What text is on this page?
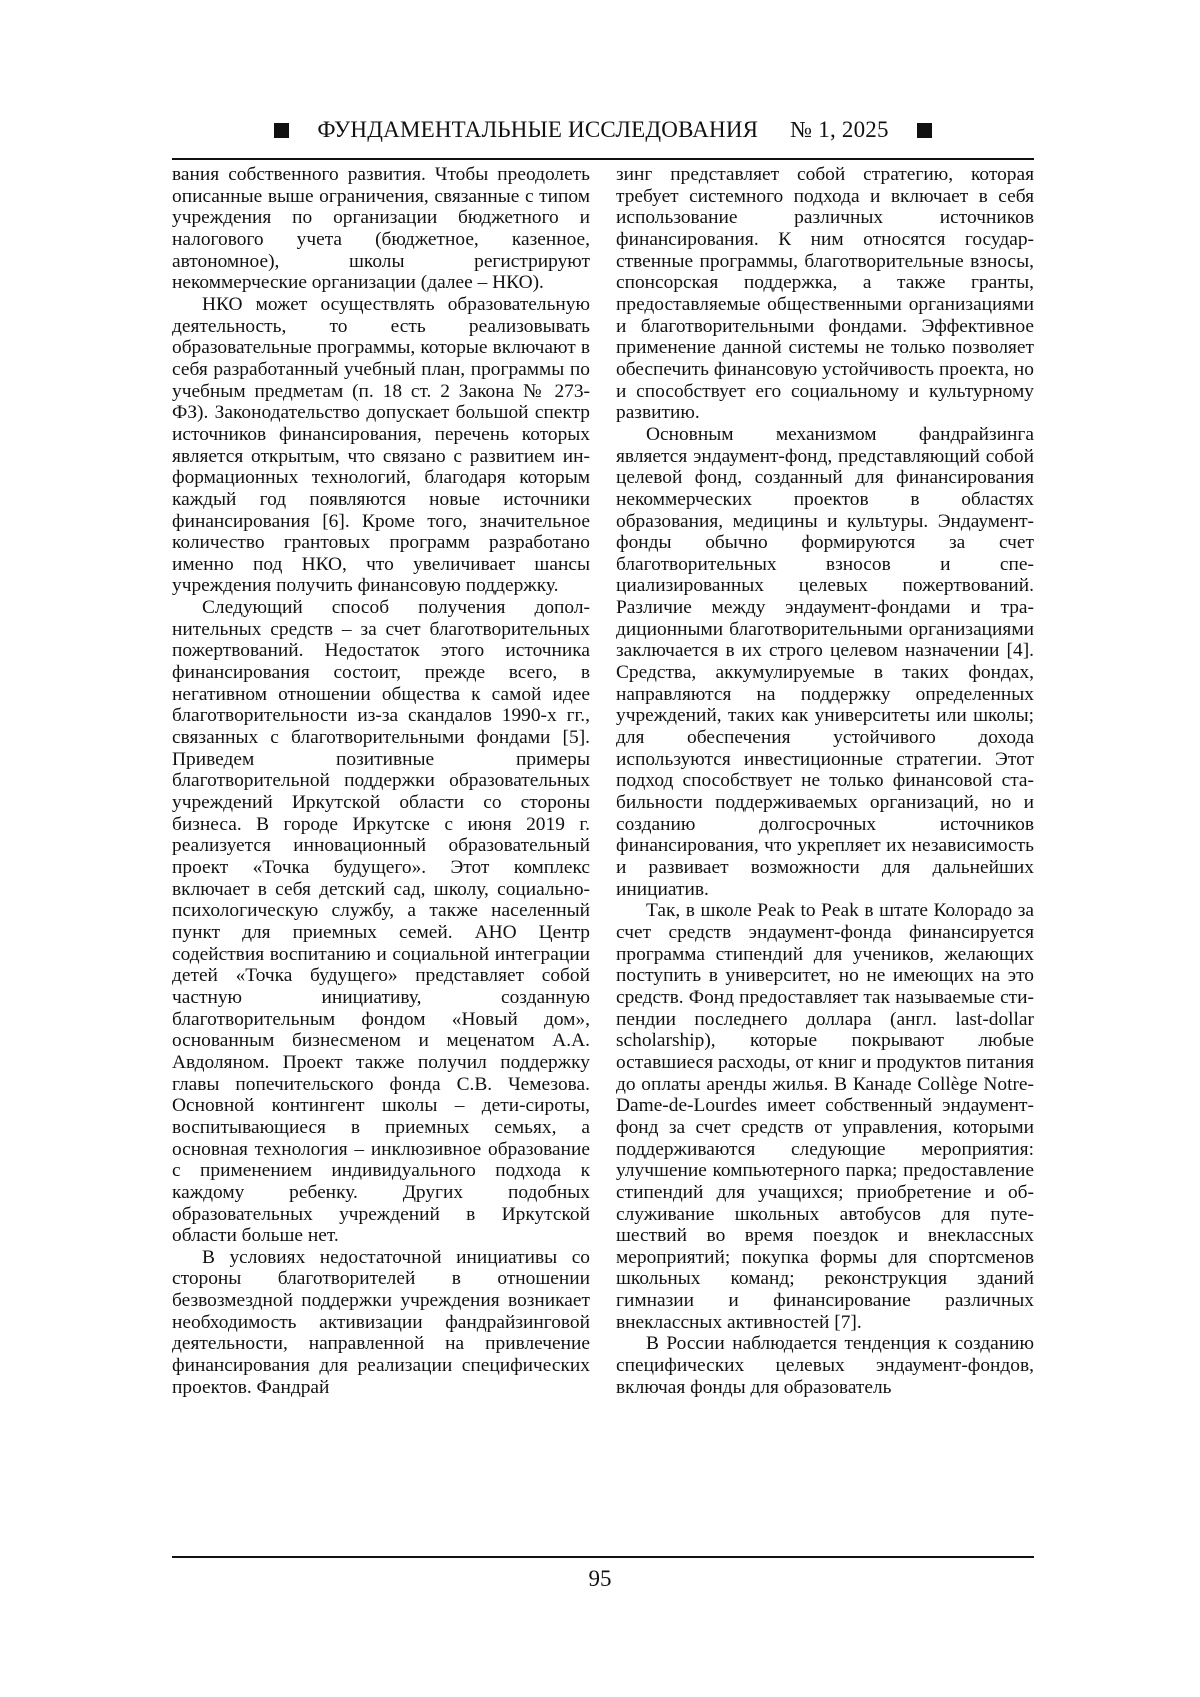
ФУНДАМЕНТАЛЬНЫЕ ИССЛЕДОВАНИЯ № 1, 2025

вания собственного развития. Чтобы преодолеть описанные выше ограничения, связанные с типом учреждения по организации бюджетного и налогового учета (бюджетное, казенное, автономное), школы регистрируют некоммерческие организации (далее – НКО).

НКО может осуществлять образовательную деятельность, то есть реализовывать образовательные программы, которые включают в себя разработанный учебный план, программы по учебным предметам (п. 18 ст. 2 Закона № 273-ФЗ). Законодательство допускает большой спектр источников финансирования, перечень которых является открытым, что связано с развитием информационных технологий, благодаря которым каждый год появляются новые источники финансирования [6]. Кроме того, значительное количество грантовых программ разработано именно под НКО, что увеличивает шансы учреждения получить финансовую поддержку.

Следующий способ получения дополнительных средств – за счет благотворительных пожертвований. Недостаток этого источника финансирования состоит, прежде всего, в негативном отношении общества к самой идее благотворительности из-за скандалов 1990-х гг., связанных с благотворительными фондами [5]. Приведем позитивные примеры благотворительной поддержки образовательных учреждений Иркутской области со стороны бизнеса. В городе Иркутске с июня 2019 г. реализуется инновационный образовательный проект «Точка будущего». Этот комплекс включает в себя детский сад, школу, социально-психологическую службу, а также населенный пункт для приемных семей. АНО Центр содействия воспитанию и социальной интеграции детей «Точка будущего» представляет собой частную инициативу, созданную благотворительным фондом «Новый дом», основанным бизнесменом и меценатом А.А. Авдоляном. Проект также получил поддержку главы попечительского фонда С.В. Чемезова. Основной контингент школы – дети-сироты, воспитывающиеся в приемных семьях, а основная технология – инклюзивное образование с применением индивидуального подхода к каждому ребенку. Других подобных образовательных учреждений в Иркутской области больше нет.

В условиях недостаточной инициативы со стороны благотворителей в отношении безвозмездной поддержки учреждения возникает необходимость активизации фандрайзинговой деятельности, направленной на привлечение финансирования для реализации специфических проектов. Фандрай

зинг представляет собой стратегию, которая требует системного подхода и включает в себя использование различных источников финансирования. К ним относятся государственные программы, благотворительные взносы, спонсорская поддержка, а также гранты, предоставляемые общественными организациями и благотворительными фондами. Эффективное применение данной системы не только позволяет обеспечить финансовую устойчивость проекта, но и способствует его социальному и культурному развитию.

Основным механизмом фандрайзинга является эндаумент-фонд, представляющий собой целевой фонд, созданный для финансирования некоммерческих проектов в областях образования, медицины и культуры. Эндаумент-фонды обычно формируются за счет благотворительных взносов и специализированных целевых пожертвований. Различие между эндаумент-фондами и традиционными благотворительными организациями заключается в их строго целевом назначении [4]. Средства, аккумулируемые в таких фондах, направляются на поддержку определенных учреждений, таких как университеты или школы; для обеспечения устойчивого дохода используются инвестиционные стратегии. Этот подход способствует не только финансовой стабильности поддерживаемых организаций, но и созданию долгосрочных источников финансирования, что укрепляет их независимость и развивает возможности для дальнейших инициатив.

Так, в школе Peak to Peak в штате Колорадо за счет средств эндаумент-фонда финансируется программа стипендий для учеников, желающих поступить в университет, но не имеющих на это средств. Фонд предоставляет так называемые стипендии последнего доллара (англ. last-dollar scholarship), которые покрывают любые оставшиеся расходы, от книг и продуктов питания до оплаты аренды жилья. В Канаде Collège Notre-Dame-de-Lourdes имеет собственный эндаумент-фонд за счет средств от управления, которыми поддерживаются следующие мероприятия: улучшение компьютерного парка; предоставление стипендий для учащихся; приобретение и обслуживание школьных автобусов для путешествий во время поездок и внеклассных мероприятий; покупка формы для спортсменов школьных команд; реконструкция зданий гимназии и финансирование различных внеклассных активностей [7].

В России наблюдается тенденция к созданию специфических целевых эндаумент-фондов, включая фонды для образователь

95
